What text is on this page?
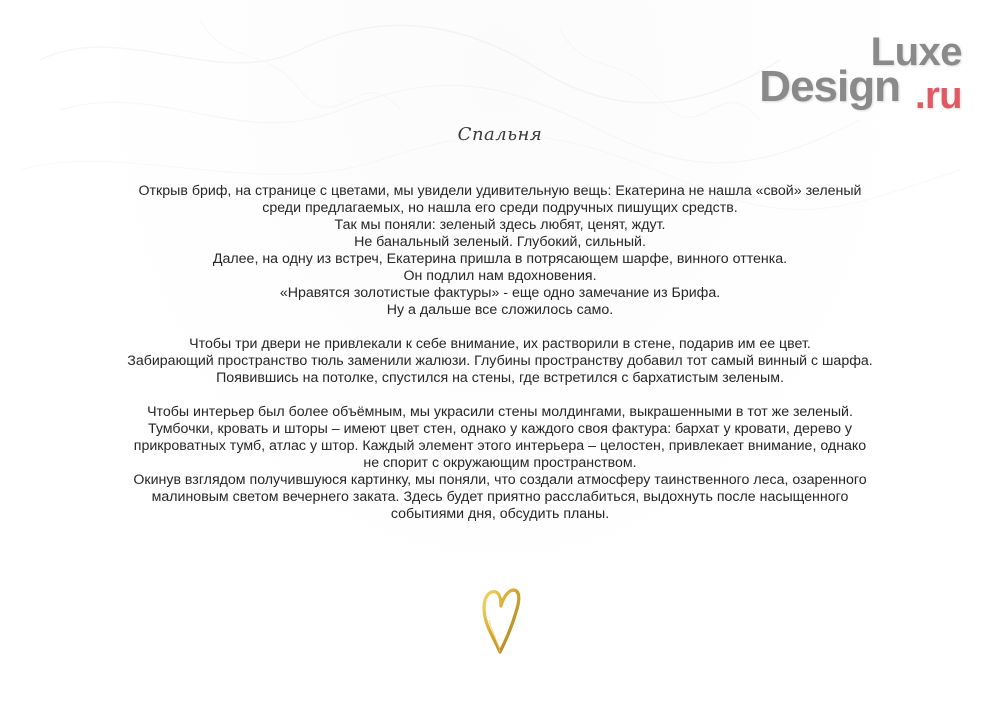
Luxe
Design .ru
Спальня

Открыв бриф, на странице с цветами, мы увидели удивительную вещь: Екатерина не нашла «свой» зеленый
среди предлагаемых, но нашла его среди подручных пишущих средств.
Так мы поняли: зеленый здесь любят, ценят, ждут.
Не банальный зеленый. Глубокий, сильный.
Далее, на одну из встреч, Екатерина пришла в потрясающем шарфе, винного оттенка.
Он подлил нам вдохновения.
«Нравятся золотистые фактуры» - еще одно замечание из Брифа.
Ну а дальше все сложилось само.

Чтобы три двери не привлекали к себе внимание, их растворили в стене, подарив им ее цвет.
Забирающий пространство тюль заменили жалюзи. Глубины пространству добавил тот самый винный с шарфа.
Появившись на потолке, спустился на стены, где встретился с бархатистым зеленым.

Чтобы интерьер был более объёмным, мы украсили стены молдингами, выкрашенными в тот же зеленый.
Тумбочки, кровать и шторы – имеют цвет стен, однако у каждого своя фактура: бархат у кровати, дерево у
прикроватных тумб, атлас у штор. Каждый элемент этого интерьера – целостен, привлекает внимание, однако
не спорит с окружающим пространством.
Окинув взглядом получившуюся картинку, мы поняли, что создали атмосферу таинственного леса, озаренного
малиновым светом вечернего заката. Здесь будет приятно расслабиться, выдохнуть после насыщенного
событиями дня, обсудить планы.
